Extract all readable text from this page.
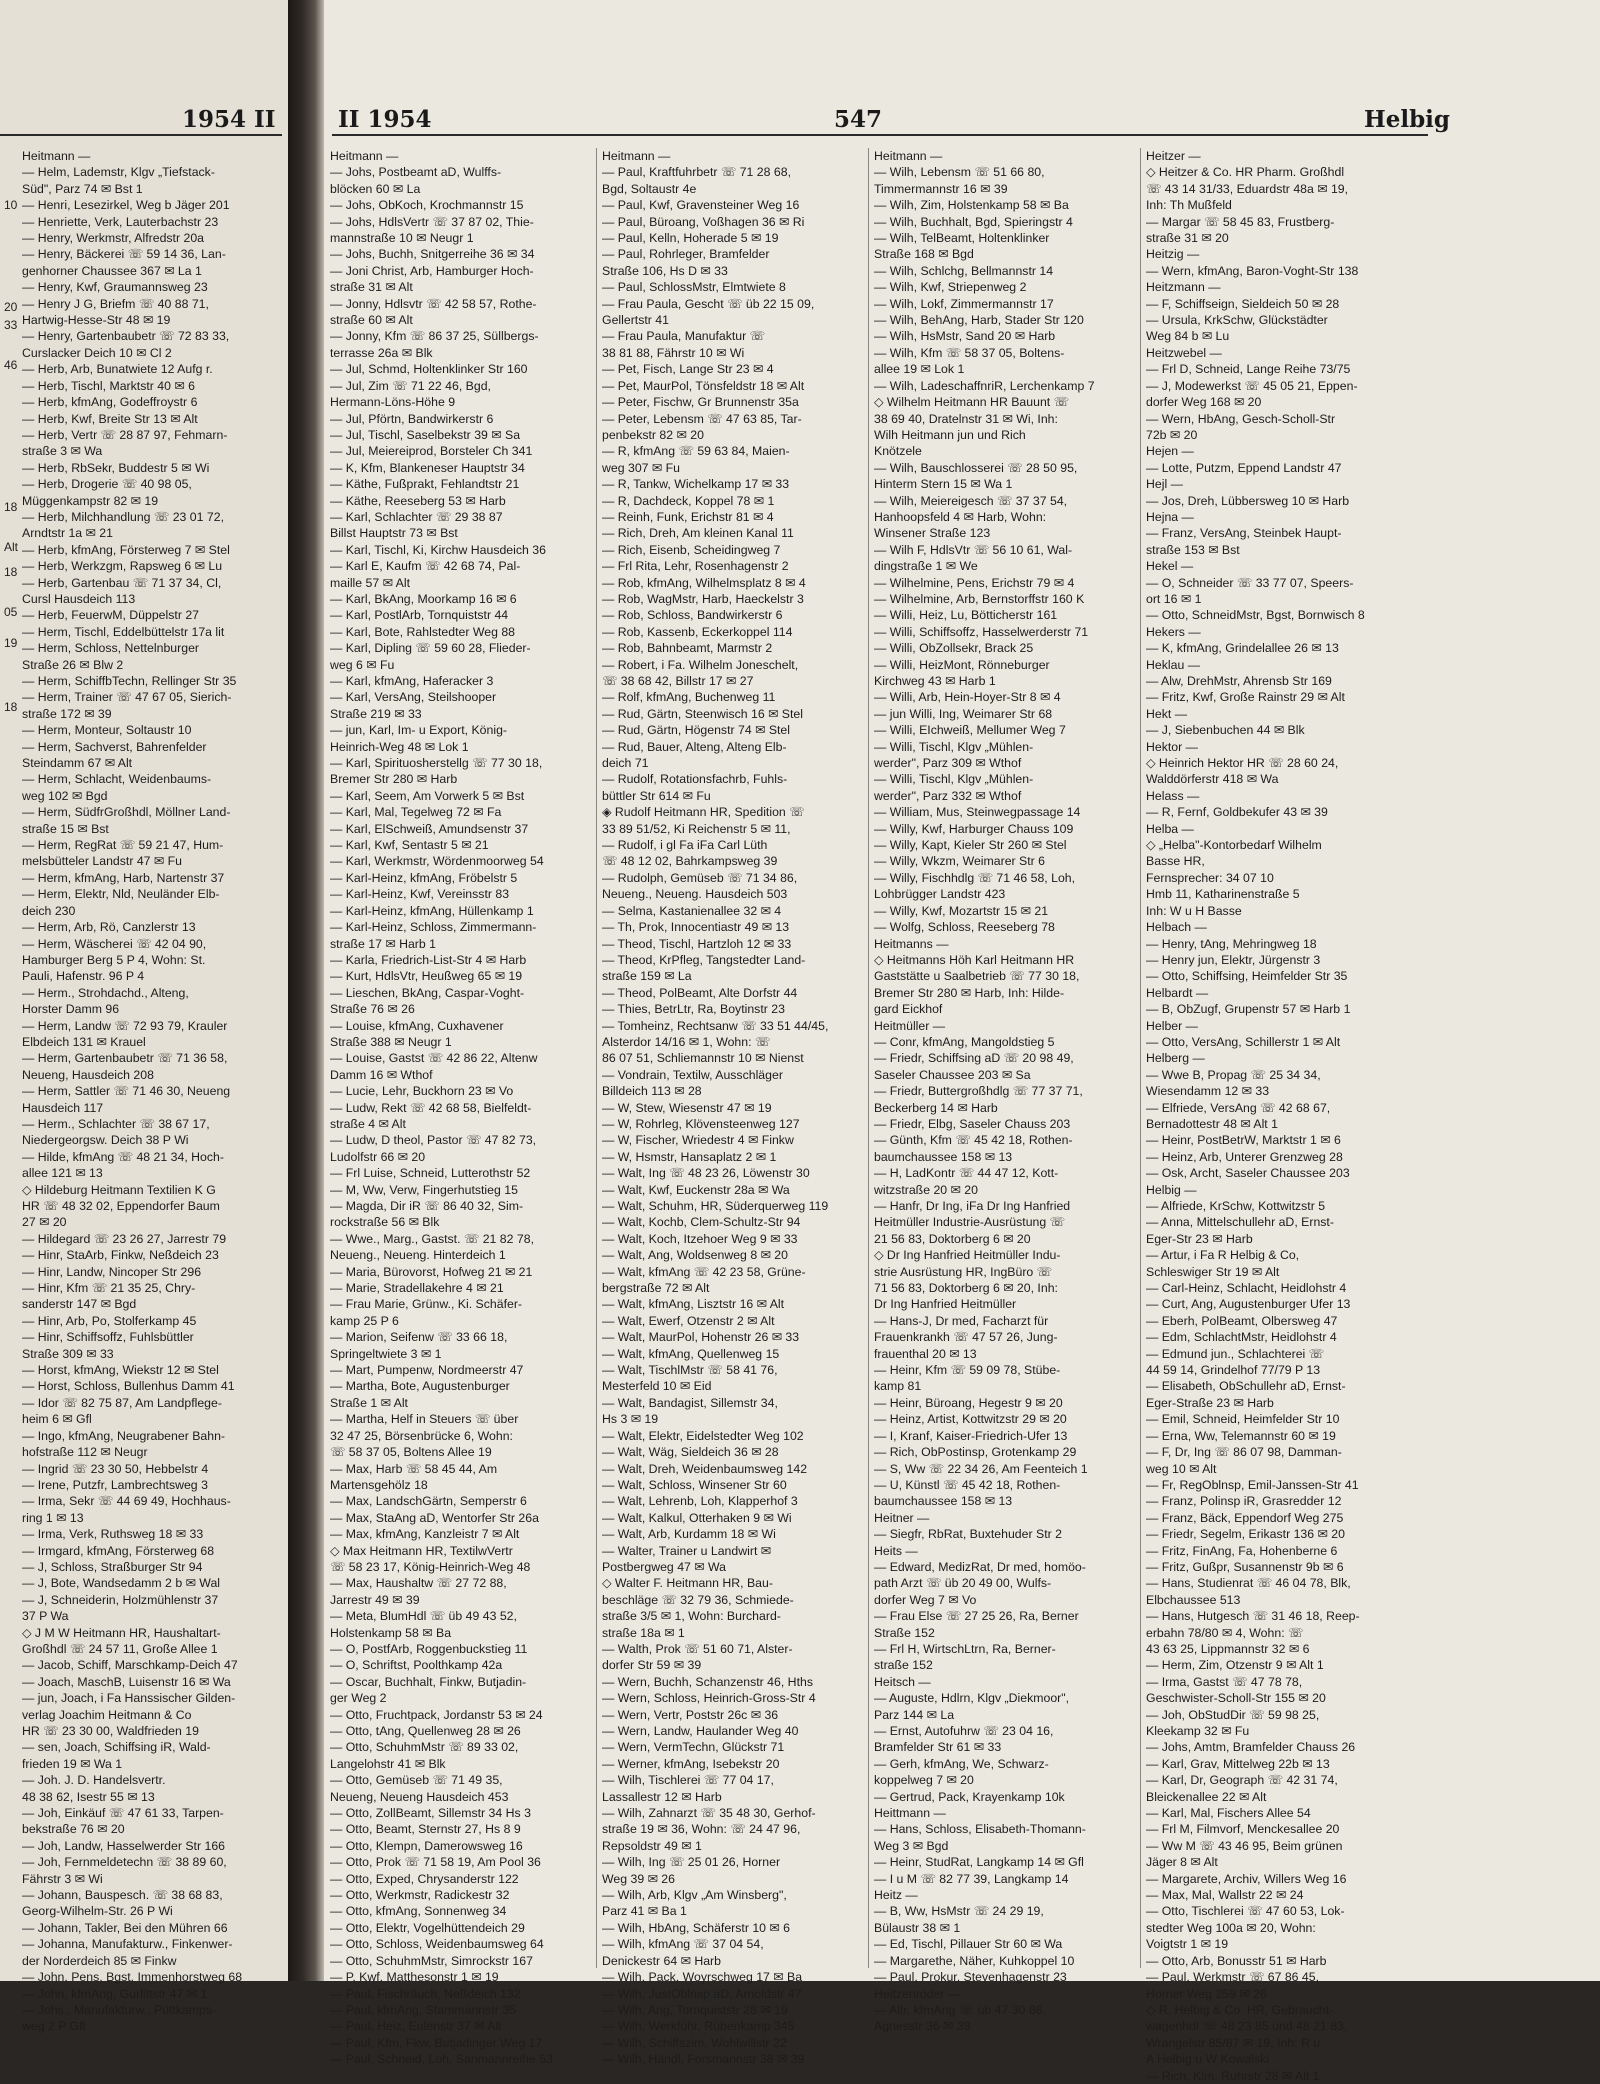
1954 II
Heitmann —
— Helm, Lademstr, Klgv „Tiefstack-
Süd", Parz 74 ✉ Bst 1
— Henri, Lesezirkel, Weg b Jäger 201
— Henriette, Verk, Lauterbachstr 23
— Henry, Werkmstr, Alfredstr 20a
— Henry, Bäckerei ☏ 59 14 36, Lan-
genhorner Chaussee 367 ✉ La 1
— Henry, Kwf, Graumannsweg 23
— Henry J G, Briefm ☏ 40 88 71,
Hartwig-Hesse-Str 48 ✉ 19
— Henry, Gartenbaubetr ☏ 72 83 33,
Curslacker Deich 10 ✉ Cl 2
— Herb, Arb, Bunatwiete 12 Aufg r.
— Herb, Tischl, Marktstr 40 ✉ 6
— Herb, kfmAng, Godeffroystr 6
— Herb, Kwf, Breite Str 13 ✉ Alt
— Herb, Vertr ☏ 28 87 97, Fehmarn-
straße 3 ✉ Wa
— Herb, RbSekr, Buddestr 5 ✉ Wi
— Herb, Drogerie ☏ 40 98 05,
Müggenkampstr 82 ✉ 19
— Herb, Milchhandlung ☏ 23 01 72,
Arndtstr 1a ✉ 21
— Herb, kfmAng, Försterweg 7 ✉ Stel
— Herb, Werkzgm, Rapsweg 6 ✉ Lu
— Herb, Gartenbau ☏ 71 37 34, Cl,
Cursl Hausdeich 113
— Herb, FeuerwM, Düppelstr 27
— Herm, Tischl, Eddelbüttelstr 17a lit
— Herm, Schloss, Nettelnburger
Straße 26 ✉ Blw 2
— Herm, SchiffbTechn, Rellinger Str 35
— Herm, Trainer ☏ 47 67 05, Sierich-
straße 172 ✉ 39
— Herm, Monteur, Soltaustr 10
— Herm, Sachverst, Bahrenfelder
Steindamm 67 ✉ Alt
— Herm, Schlacht, Weidenbaums-
weg 102 ✉ Bgd
— Herm, SüdfrGroßhdl, Möllner Land-
straße 15 ✉ Bst
— Herm, RegRat ☏ 59 21 47, Hum-
melsbütteler Landstr 47 ✉ Fu
— Herm, kfmAng, Harb, Nartenstr 37
— Herm, Elektr, Nld, Neuländer Elb-
deich 230
— Herm, Arb, Rö, Canzlerstr 13
— Herm, Wäscherei ☏ 42 04 90,
Hamburger Berg 5 P 4, Wohn: St.
Pauli, Hafenstr. 96 P 4
— Herm., Strohdachd., Alteng,
Horster Damm 96
— Herm, Landw ☏ 72 93 79, Krauler
Elbdeich 131 ✉ Krauel
— Herm, Gartenbaubetr ☏ 71 36 58,
Neueng, Hausdeich 208
— Herm, Sattler ☏ 71 46 30, Neueng
Hausdeich 117
— Herm., Schlachter ☏ 38 67 17,
Niedergeorgsw. Deich 38 P Wi
— Hilde, kfmAng ☏ 48 21 34, Hoch-
allee 121 ✉ 13
◇ Hildeburg Heitmann Textilien K G
HR ☏ 48 32 02, Eppendorfer Baum
27 ✉ 20
— Hildegard ☏ 23 26 27, Jarrestr 79
— Hinr, StaArb, Finkw, Neßdeich 23
— Hinr, Landw, Nincoper Str 296
— Hinr, Kfm ☏ 21 35 25, Chry-
sanderstr 147 ✉ Bgd
— Hinr, Arb, Po, Stolferkamp 45
— Hinr, Schiffsoffz, Fuhlsbüttler
Straße 309 ✉ 33
— Horst, kfmAng, Wiekstr 12 ✉ Stel
— Horst, Schloss, Bullenhus Damm 41
— Idor ☏ 82 75 87, Am Landpflege-
heim 6 ✉ Gfl
— Ingo, kfmAng, Neugrabener Bahn-
hofstraße 112 ✉ Neugr
— Ingrid ☏ 23 30 50, Hebbelstr 4
— Irene, Putzfr, Lambrechtsweg 3
— Irma, Sekr ☏ 44 69 49, Hochhaus-
ring 1 ✉ 13
— Irma, Verk, Ruthsweg 18 ✉ 33
— Irmgard, kfmAng, Försterweg 68
— J, Schloss, Straßburger Str 94
— J, Bote, Wandsedamm 2 b ✉ Wal
— J, Schneiderin, Holzmühlenstr 37
37 P Wa
◇ J M W Heitmann HR, Haushaltart-
Großhdl ☏ 24 57 11, Große Allee 1
— Jacob, Schiff, Marschkamp-Deich 47
— Joach, MaschB, Luisenstr 16 ✉ Wa
— jun, Joach, i Fa Hanssischer Gilden-
verlag Joachim Heitmann & Co
HR ☏ 23 30 00, Waldfrieden 19
— sen, Joach, Schiffsing iR, Wald-
frieden 19 ✉ Wa 1
— Joh. J. D. Handelsvertr.
48 38 62, Isestr 55 ✉ 13
— Joh, Einkäuf ☏ 47 61 33, Tarpen-
bekstraße 76 ✉ 20
— Joh, Landw, Hasselwerder Str 166
— Joh, Fernmeldetechn ☏ 38 89 60,
Fährstr 3 ✉ Wi
— Johann, Bauspesch. ☏ 38 68 83,
Georg-Wilhelm-Str. 26 P Wi
— Johann, Takler, Bei den Mühren 66
— Johanna, Manufakturw., Finkenwer-
der Norderdeich 85 ✉ Finkw
— John, Pens, Bgst, Immenhorstweg 68
— John, kfmAng, Gurlittstr 47 ✉ 1
— Johs., Manufakturw., Püttkamps-
weg 2 P Gfl
10
20
33
46
18
Alt
18
05
19
18
II 1954	547	Helbig
Heitmann —
— Johs, Postbeamt aD, Wulffs-
blöcken 60 ✉ La
— Johs, ObKoch, Krochmannstr 15
— Johs, HdlsVertr ☏ 37 87 02, Thie-
mannstraße 10 ✉ Neugr 1
— Johs, Buchh, Snitgerreihe 36 ✉ 34
— Joni Christ, Arb, Hamburger Hoch-
straße 31 ✉ Alt
— Jonny, Hdlsvtr ☏ 42 58 57, Rothe-
straße 60 ✉ Alt
— Jonny, Kfm ☏ 86 37 25, Süllbergs-
terrasse 26a ✉ Blk
— Jul, Schmd, Holtenklinker Str 160
— Jul, Zim ☏ 71 22 46, Bgd,
Hermann-Löns-Höhe 9
— Jul, Pförtn, Bandwirkerstr 6
— Jul, Tischl, Saselbekstr 39 ✉ Sa
— Jul, Meiereiprod, Borsteler Ch 341
— K, Kfm, Blankeneser Hauptstr 34
— Käthe, Fußprakt, Fehlandtstr 21
— Käthe, Reeseberg 53 ✉ Harb
— Karl, Schlachter ☏ 29 38 87
Billst Hauptstr 73 ✉ Bst
— Karl, Tischl, Ki, Kirchw Hausdeich 36
— Karl E, Kaufm ☏ 42 68 74, Pal-
maille 57 ✉ Alt
— Karl, BkAng, Moorkamp 16 ✉ 6
— Karl, PostlArb, Tornquiststr 44
— Karl, Bote, Rahlstedter Weg 88
— Karl, Dipling ☏ 59 60 28, Flieder-
weg 6 ✉ Fu
— Karl, kfmAng, Haferacker 3
— Karl, VersAng, Steilshooper
Straße 219 ✉ 33
— jun, Karl, Im- u Export, König-
Heinrich-Weg 48 ✉ Lok 1
— Karl, Spirituosherstellg ☏ 77 30 18,
Bremer Str 280 ✉ Harb
— Karl, Seem, Am Vorwerk 5 ✉ Bst
— Karl, Mal, Tegelweg 72 ✉ Fa
— Karl, ElSchweiß, Amundsenstr 37
— Karl, Kwf, Sentastr 5 ✉ 21
— Karl, Werkmstr, Wördenmoorweg 54
— Karl-Heinz, kfmAng, Fröbelstr 5
— Karl-Heinz, Kwf, Vereinsstr 83
— Karl-Heinz, kfmAng, Hüllenkamp 1
— Karl-Heinz, Schloss, Zimmermann-
straße 17 ✉ Harb 1
— Karla, Friedrich-List-Str 4 ✉ Harb
— Kurt, HdlsVtr, Heußweg 65 ✉ 19
— Lieschen, BkAng, Caspar-Voght-
Straße 76 ✉ 26
— Louise, kfmAng, Cuxhavener
Straße 388 ✉ Neugr 1
— Louise, Gastst ☏ 42 86 22, Altenw
Damm 16 ✉ Wthof
— Lucie, Lehr, Buckhorn 23 ✉ Vo
— Ludw, Rekt ☏ 42 68 58, Bielfeldt-
straße 4 ✉ Alt
— Ludw, D theol, Pastor ☏ 47 82 73,
Ludolfstr 66 ✉ 20
— Frl Luise, Schneid, Lutterothstr 52
— M, Ww, Verw, Fingerhutstieg 15
— Magda, Dir iR ☏ 86 40 32, Sim-
rockstraße 56 ✉ Blk
— Wwe., Marg., Gastst. ☏ 21 82 78,
Neueng., Neueng. Hinterdeich 1
— Maria, Bürovorst, Hofweg 21 ✉ 21
— Marie, Stradellakehre 4 ✉ 21
— Frau Marie, Grünw., Ki. Schäfer-
kamp 25 P 6
— Marion, Seifenw ☏ 33 66 18,
Springeltwiete 3 ✉ 1
— Mart, Pumpenw, Nordmeerstr 47
— Martha, Bote, Augustenburger
Straße 1 ✉ Alt
— Martha, Helf in Steuers ☏ über
32 47 25, Börsenbrücke 6, Wohn:
☏ 58 37 05, Boltens Allee 19
— Max, Harb ☏ 58 45 44, Am
Martensgehölz 18
— Max, LandschGärtn, Semperstr 6
— Max, StaAng aD, Wentorfer Str 26a
— Max, kfmAng, Kanzleistr 7 ✉ Alt
◇ Max Heitmann HR, TextilwVertr
☏ 58 23 17, König-Heinrich-Weg 48
— Max, Haushaltw ☏ 27 72 88,
Jarrestr 49 ✉ 39
— Meta, BlumHdl ☏ üb 49 43 52,
Holstenkamp 58 ✉ Ba
— O, PostfArb, Roggenbuckstieg 11
— O, Schriftst, Poolthkamp 42a
— Oscar, Buchhalt, Finkw, Butjadin-
ger Weg 2
— Otto, Fruchtpack, Jordanstr 53 ✉ 24
— Otto, tAng, Quellenweg 28 ✉ 26
— Otto, SchuhmMstr ☏ 89 33 02,
Langelohstr 41 ✉ Blk
— Otto, Gemüseb ☏ 71 49 35,
Neueng, Neueng Hausdeich 453
— Otto, ZollBeamt, Sillemstr 34 Hs 3
— Otto, Beamt, Sternstr 27, Hs 8 9
— Otto, Klempn, Damerowsweg 16
— Otto, Prok ☏ 71 58 19, Am Pool 36
— Otto, Exped, Chrysanderstr 122
— Otto, Werkmstr, Radickestr 32
— Otto, kfmAng, Sonnenweg 34
— Otto, Elektr, Vogelhüttendeich 29
— Otto, Schloss, Weidenbaumsweg 64
— Otto, SchuhmMstr, Simrockstr 167
— P, Kwf, Matthesonstr 1 ✉ 19
— Paul, Fischräuch, Neßdeich 132
— Paul, kfmAng, Stammannstr 35
— Paul, Heiz, Eulenstr 37 ✉ Alt
— Paul, Kfm, Fkw, Butjadinger Weg 17
— Paul, Schneid, Loh, Sanmannreihe 53
Heitmann —
— Paul, Kraftfuhrbetr ☏ 71 28 68,
Bgd, Soltaustr 4e
— Paul, Kwf, Gravensteiner Weg 16
— Paul, Büroang, Voßhagen 36 ✉ Ri
— Paul, Kelln, Hoherade 5 ✉ 19
— Paul, Rohrleger, Bramfelder
Straße 106, Hs D ✉ 33
— Paul, SchlossMstr, Elmtwiete 8
— Frau Paula, Gescht ☏ üb 22 15 09,
Gellertstr 41
— Frau Paula, Manufaktur ☏
38 81 88, Fährstr 10 ✉ Wi
— Pet, Fisch, Lange Str 23 ✉ 4
— Pet, MaurPol, Tönsfeldstr 18 ✉ Alt
— Peter, Fischw, Gr Brunnenstr 35a
— Peter, Lebensm ☏ 47 63 85, Tar-
penbekstr 82 ✉ 20
— R, kfmAng ☏ 59 63 84, Maien-
weg 307 ✉ Fu
— R, Tankw, Wichelkamp 17 ✉ 33
— R, Dachdeck, Koppel 78 ✉ 1
— Reinh, Funk, Erichstr 81 ✉ 4
— Rich, Dreh, Am kleinen Kanal 11
— Rich, Eisenb, Scheidingweg 7
— Frl Rita, Lehr, Rosenhagenstr 2
— Rob, kfmAng, Wilhelmsplatz 8 ✉ 4
— Rob, WagMstr, Harb, Haeckelstr 3
— Rob, Schloss, Bandwirkerstr 6
— Rob, Kassenb, Eckerkoppel 114
— Rob, Bahnbeamt, Marmstr 2
— Robert, i Fa. Wilhelm Joneschelt,
☏ 38 68 42, Billstr 17 ✉ 27
— Rolf, kfmAng, Buchenweg 11
— Rud, Gärtn, Steenwisch 16 ✉ Stel
— Rud, Gärtn, Högenstr 74 ✉ Stel
— Rud, Bauer, Alteng, Alteng Elb-
deich 71
— Rudolf, Rotationsfachrb, Fuhls-
büttler Str 614 ✉ Fu
◈ Rudolf Heitmann HR, Spedition ☏
33 89 51/52, Ki Reichenstr 5 ✉ 11,
— Rudolf, i gl Fa iFa Carl Lüth
☏ 48 12 02, Bahrkampsweg 39
— Rudolph, Gemüseb ☏ 71 34 86,
Neueng., Neueng. Hausdeich 503
— Selma, Kastanienallee 32 ✉ 4
— Th, Prok, Innocentiastr 49 ✉ 13
— Theod, Tischl, Hartzloh 12 ✉ 33
— Theod, KrPfleg, Tangstedter Land-
straße 159 ✉ La
— Theod, PolBeamt, Alte Dorfstr 44
— Thies, BetrLtr, Ra, Boytinstr 23
— Tomheinz, Rechtsanw ☏ 33 51 44/45,
Alsterdor 14/16 ✉ 1, Wohn: ☏
86 07 51, Schliemannstr 10 ✉ Nienst
— Vondrain, Textilw, Ausschläger
Billdeich 113 ✉ 28
— W, Stew, Wiesenstr 47 ✉ 19
— W, Rohrleg, Klövensteenweg 127
— W, Fischer, Wriedestr 4 ✉ Finkw
— W, Hsmstr, Hansaplatz 2 ✉ 1
— Walt, Ing ☏ 48 23 26, Löwenstr 30
— Walt, Kwf, Euckenstr 28a ✉ Wa
— Walt, Schuhm, HR, Süderquerweg 119
— Walt, Kochb, Clem-Schultz-Str 94
— Walt, Koch, Itzehoer Weg 9 ✉ 33
— Walt, Ang, Woldsenweg 8 ✉ 20
— Walt, kfmAng ☏ 42 23 58, Grüne-
bergstraße 72 ✉ Alt
— Walt, kfmAng, Lisztstr 16 ✉ Alt
— Walt, Ewerf, Otzenstr 2 ✉ Alt
— Walt, MaurPol, Hohenstr 26 ✉ 33
— Walt, kfmAng, Quellenweg 15
— Walt, TischlMstr ☏ 58 41 76,
Mesterfeld 10 ✉ Eid
— Walt, Bandagist, Sillemstr 34,
Hs 3 ✉ 19
— Walt, Elektr, Eidelstedter Weg 102
— Walt, Wäg, Sieldeich 36 ✉ 28
— Walt, Dreh, Weidenbaumsweg 142
— Walt, Schloss, Winsener Str 60
— Walt, Lehrenb, Loh, Klapperhof 3
— Walt, Kalkul, Otterhaken 9 ✉ Wi
— Walt, Arb, Kurdamm 18 ✉ Wi
— Walter, Trainer u Landwirt ✉
Postbergweg 47 ✉ Wa
◇ Walter F. Heitmann HR, Bau-
beschläge ☏ 32 79 36, Schmiede-
straße 3/5 ✉ 1, Wohn: Burchard-
straße 18a ✉ 1
— Walth, Prok ☏ 51 60 71, Alster-
dorfer Str 59 ✉ 39
— Wern, Buchh, Schanzenstr 46, Hths
— Wern, Schloss, Heinrich-Gross-Str 4
— Wern, Vertr, Poststr 26c ✉ 36
— Wern, Landw, Haulander Weg 40
— Wern, VermTechn, Glückstr 71
— Werner, kfmAng, Isebekstr 20
— Wilh, Tischlerei ☏ 77 04 17,
Lassallestr 12 ✉ Harb
— Wilh, Zahnarzt ☏ 35 48 30, Gerhof-
straße 19 ✉ 36, Wohn: ☏ 24 47 96,
Repsoldstr 49 ✉ 1
— Wilh, Ing ☏ 25 01 26, Horner
Weg 39 ✉ 26
— Wilh, Arb, Klgv „Am Winsberg",
Parz 41 ✉ Ba 1
— Wilh, HbAng, Schäferstr 10 ✉ 6
— Wilh, kfmAng ☏ 37 04 54,
Denickestr 64 ✉ Harb
— Wilh, Pack, Woyrschweg 17 ✉ Ba
— Wilh, JustOblnsp aD, Arnoldstr 47
— Wilh, Ang, Tornquiststr 28 ✉ 19
— Wilh, Werkführ, Rübenkamp 345
— Wilh, Schiffszim, Wohlwillstr 22
— Wilh, Händl, Forsmannstr 38 ✉ 39
Heitmann —
— Wilh, Lebensm ☏ 51 66 80,
Timmermannstr 16 ✉ 39
— Wilh, Zim, Holstenkamp 58 ✉ Ba
— Wilh, Buchhalt, Bgd, Spieringstr 4
— Wilh, TelBeamt, Holtenklinker
Straße 168 ✉ Bgd
— Wilh, Schlchg, Bellmannstr 14
— Wilh, Kwf, Striepenweg 2
— Wilh, Lokf, Zimmermannstr 17
— Wilh, BehAng, Harb, Stader Str 120
— Wilh, HsMstr, Sand 20 ✉ Harb
— Wilh, Kfm ☏ 58 37 05, Boltens-
allee 19 ✉ Lok 1
— Wilh, LadeschaffnriR, Lerchenkamp 7
◇ Wilhelm Heitmann HR Bauunt ☏
38 69 40, Dratelnstr 31 ✉ Wi, Inh:
Wilh Heitmann jun und Rich
Knötzele
— Wilh, Bauschlosserei ☏ 28 50 95,
Hinterm Stern 15 ✉ Wa 1
— Wilh, Meiereigesch ☏ 37 37 54,
Hanhoopsfeld 4 ✉ Harb, Wohn:
Winsener Straße 123
— Wilh F, HdlsVtr ☏ 56 10 61, Wal-
dingstraße 1 ✉ We
— Wilhelmine, Pens, Erichstr 79 ✉ 4
— Wilhelmine, Arb, Bernstorffstr 160 K
— Willi, Heiz, Lu, Bötticherstr 161
— Willi, Schiffsoffz, Hasselwerderstr 71
— Willi, ObZollsekr, Brack 25
— Willi, HeizMont, Rönneburger
Kirchweg 43 ✉ Harb 1
— Willi, Arb, Hein-Hoyer-Str 8 ✉ 4
— jun Willi, Ing, Weimarer Str 68
— Willi, EIchweiß, Mellumer Weg 7
— Willi, Tischl, Klgv „Mühlen-
werder", Parz 309 ✉ Wthof
— Willi, Tischl, Klgv „Mühlen-
werder", Parz 332 ✉ Wthof
— William, Mus, Steinwegpassage 14
— Willy, Kwf, Harburger Chauss 109
— Willy, Kapt, Kieler Str 260 ✉ Stel
— Willy, Wkzm, Weimarer Str 6
— Willy, Fischhdlg ☏ 71 46 58, Loh,
Lohbrügger Landstr 423
— Willy, Kwf, Mozartstr 15 ✉ 21
— Wolfg, Schloss, Reeseberg 78
Heitmanns —
◇ Heitmanns Höh Karl Heitmann HR
Gaststätte u Saalbetrieb ☏ 77 30 18,
Bremer Str 280 ✉ Harb, Inh: Hilde-
gard Eickhof
Heitmüller —
— Conr, kfmAng, Mangoldstieg 5
— Friedr, Schiffsing aD ☏ 20 98 49,
Saseler Chaussee 203 ✉ Sa
— Friedr, Buttergroßhdlg ☏ 77 37 71,
Beckerberg 14 ✉ Harb
— Friedr, Elbg, Saseler Chauss 203
— Günth, Kfm ☏ 45 42 18, Rothen-
baumchaussee 158 ✉ 13
— H, LadKontr ☏ 44 47 12, Kott-
witzstraße 20 ✉ 20
— Hanfr, Dr Ing, iFa Dr Ing Hanfried
Heitmüller Industrie-Ausrüstung ☏
21 56 83, Doktorberg 6 ✉ 20
◇ Dr Ing Hanfried Heitmüller Indu-
strie Ausrüstung HR, IngBüro ☏
71 56 83, Doktorberg 6 ✉ 20, Inh:
Dr Ing Hanfried Heitmüller
— Hans-J, Dr med, Facharzt für
Frauenkrankh ☏ 47 57 26, Jung-
frauenthal 20 ✉ 13
— Heinr, Kfm ☏ 59 09 78, Stübe-
kamp 81
— Heinr, Büroang, Hegestr 9 ✉ 20
— Heinz, Artist, Kottwitzstr 29 ✉ 20
— I, Kranf, Kaiser-Friedrich-Ufer 13
— Rich, ObPostinsp, Grotenkamp 29
— S, Ww ☏ 22 34 26, Am Feenteich 1
— U, Künstl ☏ 45 42 18, Rothen-
baumchaussee 158 ✉ 13
Heitner —
— Siegfr, RbRat, Buxtehuder Str 2
Heits —
— Edward, MedizRat, Dr med, homöo-
path Arzt ☏ üb 20 49 00, Wulfs-
dorfer Weg 7 ✉ Vo
— Frau Else ☏ 27 25 26, Ra, Berner
Straße 152
— Frl H, WirtschLtrn, Ra, Berner-
straße 152
Heitsch —
— Auguste, Hdlrn, Klgv „Diekmoor",
Parz 144 ✉ La
— Ernst, Autofuhrw ☏ 23 04 16,
Bramfelder Str 61 ✉ 33
— Gerh, kfmAng, We, Schwarz-
koppelweg 7 ✉ 20
— Gertrud, Pack, Krayenkamp 10k
Heittmann —
— Hans, Schloss, Elisabeth-Thomann-
Weg 3 ✉ Bgd
— Heinr, StudRat, Langkamp 14 ✉ Gfl
— I u M ☏ 82 77 39, Langkamp 14
Heitz —
— B, Ww, HsMstr ☏ 24 29 19,
Bülaustr 38 ✉ 1
— Ed, Tischl, Pillauer Str 60 ✉ Wa
— Margarethe, Näher, Kuhkoppel 10
— Paul, Prokur, Stevenhagenstr 23
Heitzenröder —
— Altr, kfmAng ☏ üb 47 30 86,
Agnesstr 36 ✉ 39
Heitzer —
◇ Heitzer & Co. HR Pharm. Großhdl
☏ 43 14 31/33, Eduardstr 48a ✉ 19,
Inh: Th Mußfeld
— Margar ☏ 58 45 83, Frustberg-
straße 31 ✉ 20
Heitzig —
— Wern, kfmAng, Baron-Voght-Str 138
Heitzmann —
— F, Schiffseign, Sieldeich 50 ✉ 28
— Ursula, KrkSchw, Glückstädter
Weg 84 b ✉ Lu
Heitzwebel —
— Frl D, Schneid, Lange Reihe 73/75
— J, Modewerkst ☏ 45 05 21, Eppen-
dorfer Weg 168 ✉ 20
— Wern, HbAng, Gesch-Scholl-Str
72b ✉ 20
Hejen —
— Lotte, Putzm, Eppend Landstr 47
Hejl —
— Jos, Dreh, Lübbersweg 10 ✉ Harb
Hejna —
— Franz, VersAng, Steinbek Haupt-
straße 153 ✉ Bst
Hekel —
— O, Schneider ☏ 33 77 07, Speers-
ort 16 ✉ 1
— Otto, SchneidMstr, Bgst, Bornwisch 8
Hekers —
— K, kfmAng, Grindelallee 26 ✉ 13
Heklau —
— Alw, DrehMstr, Ahrensb Str 169
— Fritz, Kwf, Große Rainstr 29 ✉ Alt
Hekt —
— J, Siebenbuchen 44 ✉ Blk
Hektor —
◇ Heinrich Hektor HR ☏ 28 60 24,
Walddörferstr 418 ✉ Wa
Helass —
— R, Fernf, Goldbekufer 43 ✉ 39
Helba —
◇ „Helba"-Kontorbedarf Wilhelm
Basse HR,
Fernsprecher: 34 07 10
Hmb 11, Katharinenstraße 5
Inh: W u H Basse
Helbach —
— Henry, tAng, Mehringweg 18
— Henry jun, Elektr, Jürgenstr 3
— Otto, Schiffsing, Heimfelder Str 35
Helbardt —
— B, ObZugf, Grupenstr 57 ✉ Harb 1
Helber —
— Otto, VersAng, Schillerstr 1 ✉ Alt
Helberg —
— Wwe B, Propag ☏ 25 34 34,
Wiesendamm 12 ✉ 33
— Elfriede, VersAng ☏ 42 68 67,
Bernadottestr 48 ✉ Alt 1
— Heinr, PostBetrW, Marktstr 1 ✉ 6
— Heinz, Arb, Unterer Grenzweg 28
— Osk, Archt, Saseler Chaussee 203
Helbig —
— Alfriede, KrSchw, Kottwitzstr 5
— Anna, Mittelschullehr aD, Ernst-
Eger-Str 23 ✉ Harb
— Artur, i Fa R Helbig & Co,
Schleswiger Str 19 ✉ Alt
— Carl-Heinz, Schlacht, Heidlohstr 4
— Curt, Ang, Augustenburger Ufer 13
— Eberh, PolBeamt, Olbersweg 47
— Edm, SchlachtMstr, Heidlohstr 4
— Edmund jun., Schlachterei ☏
44 59 14, Grindelhof 77/79 P 13
— Elisabeth, ObSchullehr aD, Ernst-
Eger-Straße 23 ✉ Harb
— Emil, Schneid, Heimfelder Str 10
— Erna, Ww, Telemannstr 60 ✉ 19
— F, Dr, Ing ☏ 86 07 98, Damman-
weg 10 ✉ Alt
— Fr, RegOblnsp, Emil-Janssen-Str 41
— Franz, Polinsp iR, Grasredder 12
— Franz, Bäck, Eppendorf Weg 275
— Friedr, Segelm, Erikastr 136 ✉ 20
— Fritz, FinAng, Fa, Hohenberne 6
— Fritz, Gußpr, Susannenstr 9b ✉ 6
— Hans, Studienrat ☏ 46 04 78, Blk,
Elbchaussee 513
— Hans, Hutgesch ☏ 31 46 18, Reep-
erbahn 78/80 ✉ 4, Wohn: ☏
43 63 25, Lippmannstr 32 ✉ 6
— Herm, Zim, Otzenstr 9 ✉ Alt 1
— Irma, Gastst ☏ 47 78 78,
Geschwister-Scholl-Str 155 ✉ 20
— Joh, ObStudDir ☏ 59 98 25,
Kleekamp 32 ✉ Fu
— Johs, Amtm, Bramfelder Chauss 26
— Karl, Grav, Mittelweg 22b ✉ 13
— Karl, Dr, Geograph ☏ 42 31 74,
Bleickenallee 22 ✉ Alt
— Karl, Mal, Fischers Allee 54
— Frl M, Filmvorf, Menckesallee 20
— Ww M ☏ 43 46 95, Beim grünen
Jäger 8 ✉ Alt
— Margarete, Archiv, Willers Weg 16
— Max, Mal, Wallstr 22 ✉ 24
— Otto, Tischlerei ☏ 47 60 53, Lok-
stedter Weg 100a ✉ 20, Wohn:
Voigtstr 1 ✉ 19
— Otto, Arb, Bonusstr 51 ✉ Harb
— Paul, Werkmstr ☏ 67 86 45,
Horner Weg 259 ✉ 26
◇ R. Helbig & Co. HR, Gebraucht-
wagenhdl ☏ 48 23 85 und 48 21 83,
Wrangelstr 85/87 ✉ 19, Inh: R u
A Helbig u W Kowalski
— Rich, Klm, Ruhrstr 28 ✉ Alt 1
